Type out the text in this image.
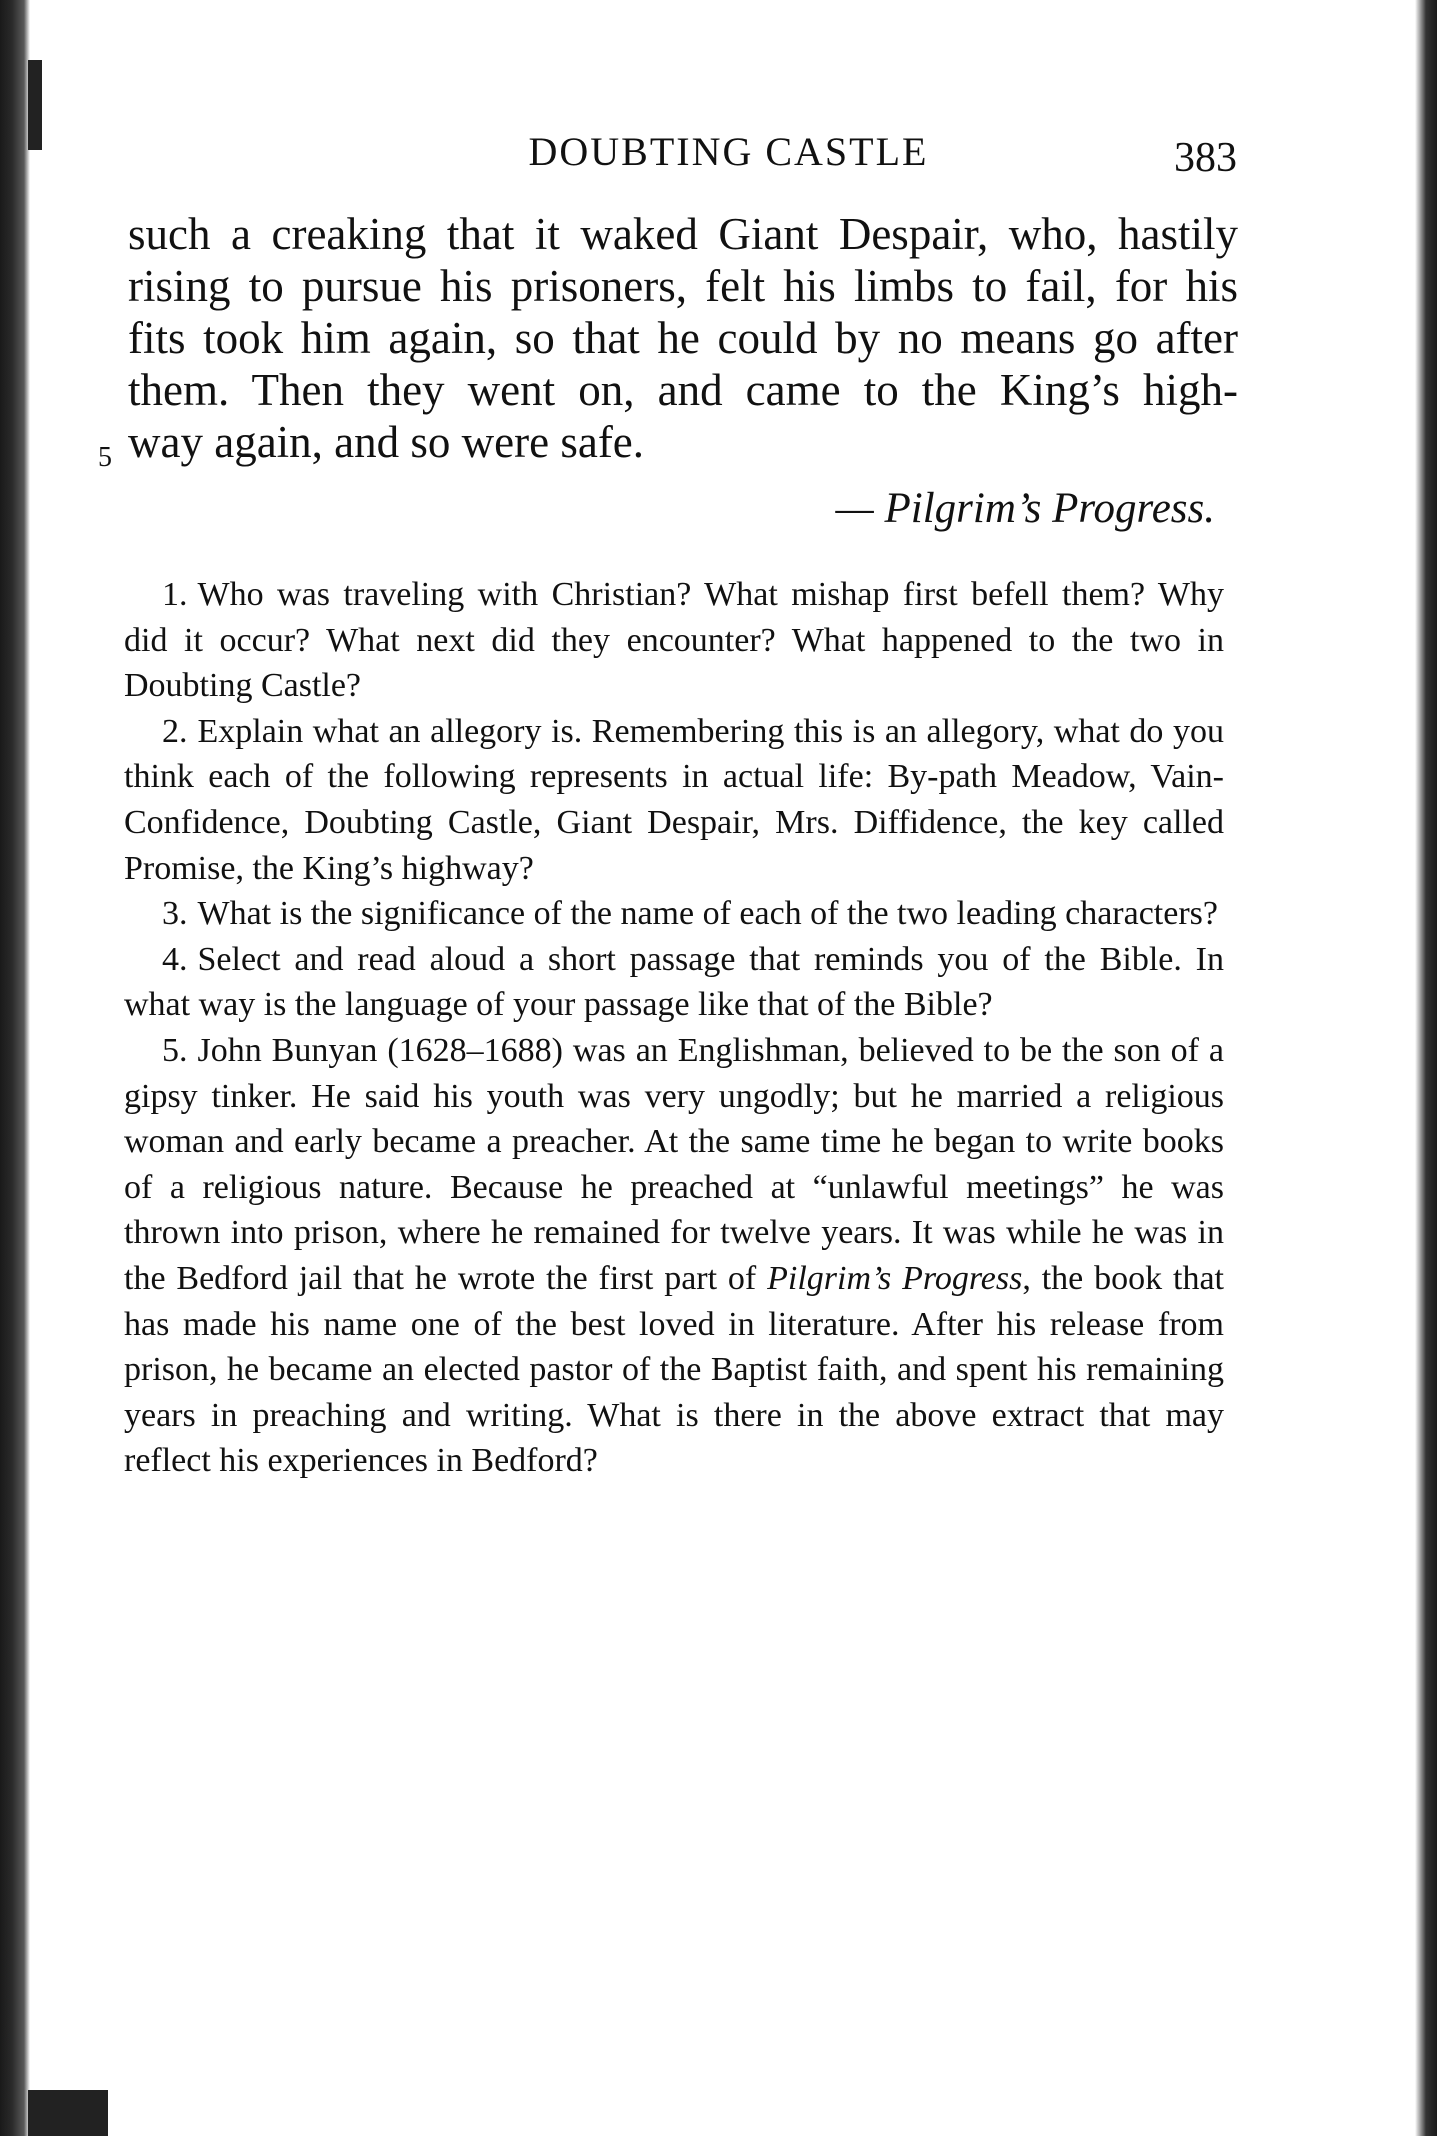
DOUBTING CASTLE	383
such a creaking that it waked Giant Despair, who, hastily
rising to pursue his prisoners, felt his limbs to fail, for his
fits took him again, so that he could by no means go after
them. Then they went on, and came to the King’s high-
way again, and so were safe.
5
— Pilgrim’s Progress.

1. Who was traveling with Christian? What mishap first befell them? Why did it occur? What next did they encounter? What happened to the two in Doubting Castle?

2. Explain what an allegory is. Remembering this is an allegory, what do you think each of the following represents in actual life: By-path Meadow, Vain-Confidence, Doubting Castle, Giant Despair, Mrs. Diffidence, the key called Promise, the King’s highway?

3. What is the significance of the name of each of the two leading characters?

4. Select and read aloud a short passage that reminds you of the Bible. In what way is the language of your passage like that of the Bible?

5. John Bunyan (1628–1688) was an Englishman, believed to be the son of a gipsy tinker. He said his youth was very ungodly; but he married a religious woman and early became a preacher. At the same time he began to write books of a religious nature. Because he preached at “unlawful meetings” he was thrown into prison, where he remained for twelve years. It was while he was in the Bedford jail that he wrote the first part of Pilgrim’s Progress, the book that has made his name one of the best loved in literature. After his release from prison, he became an elected pastor of the Baptist faith, and spent his remaining years in preaching and writing. What is there in the above extract that may reflect his experiences in Bedford?
